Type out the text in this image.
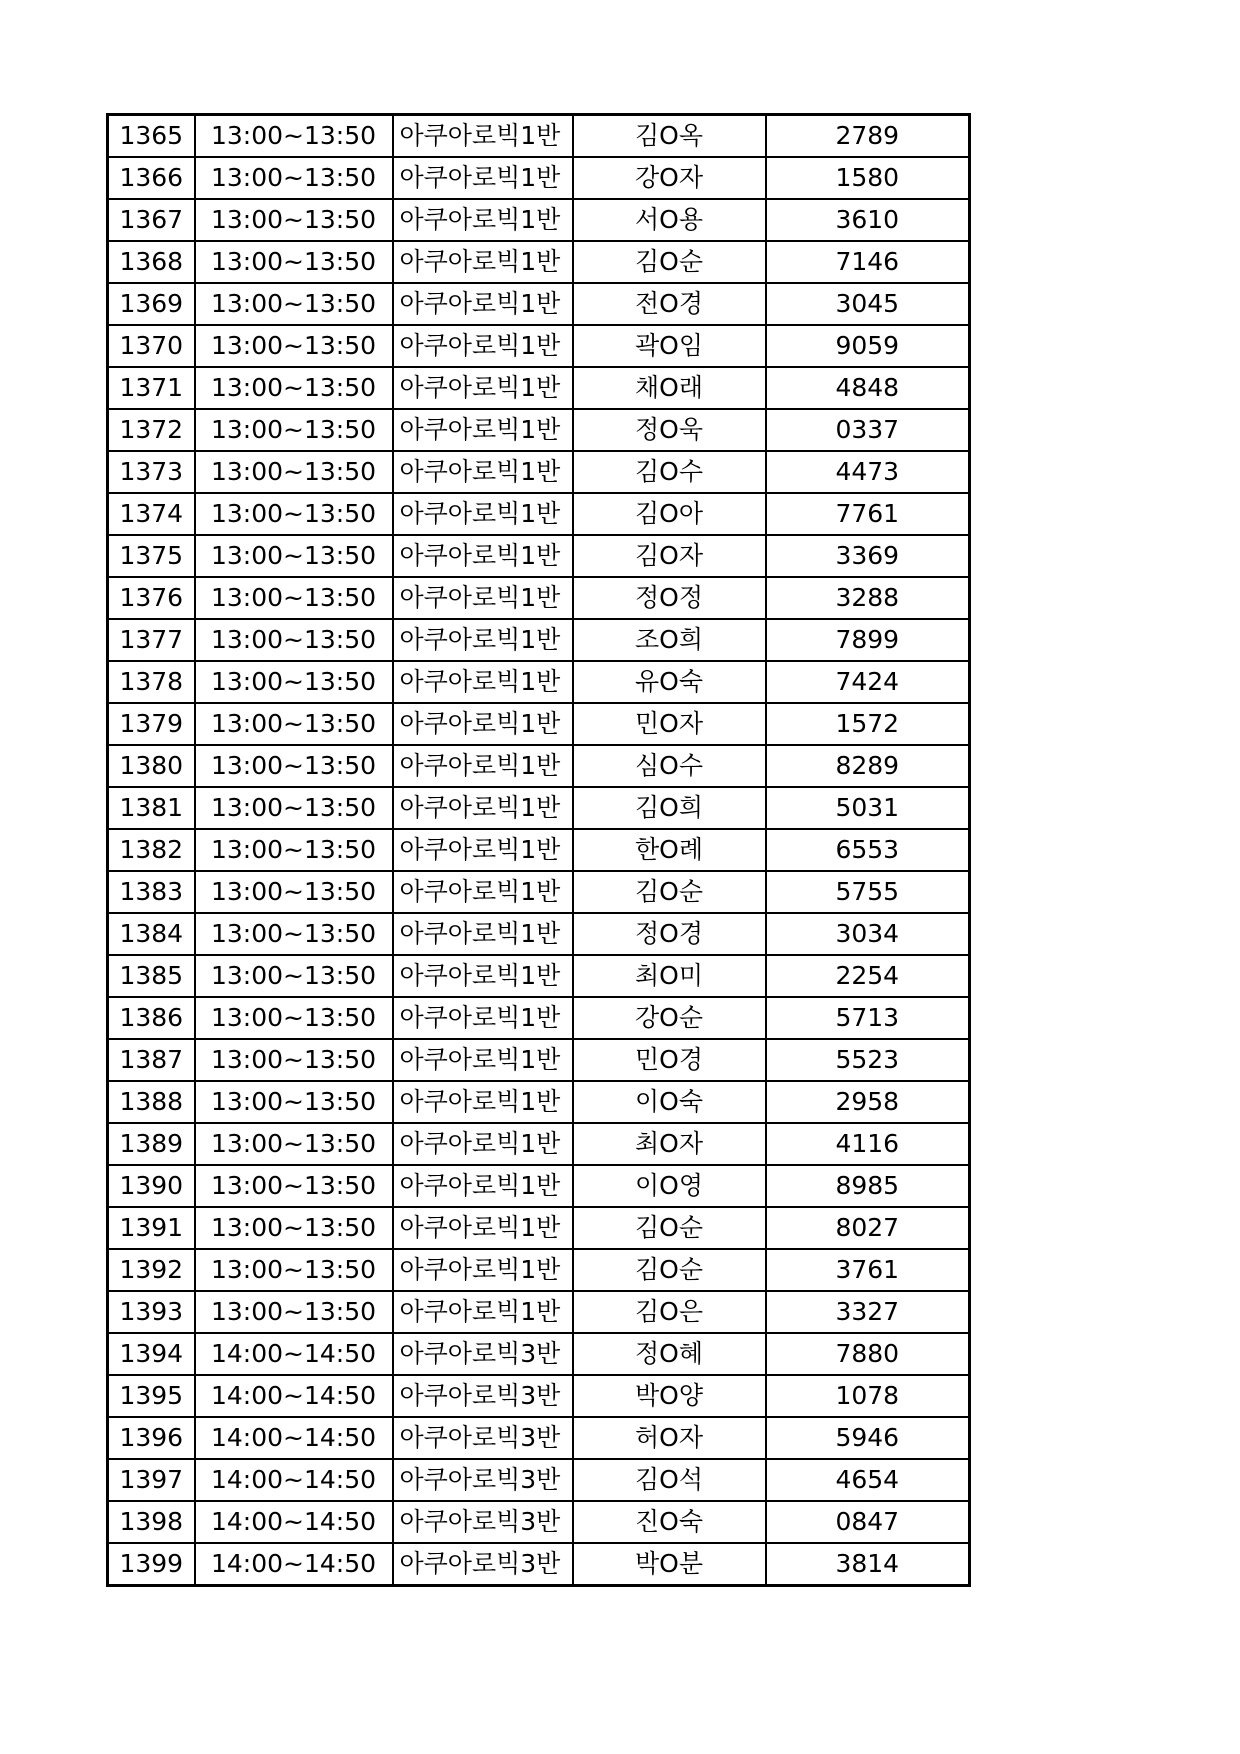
1365	13:00~13:50	아쿠아로빅1반	김O옥	2789
1366	13:00~13:50	아쿠아로빅1반	강O자	1580
1367	13:00~13:50	아쿠아로빅1반	서O용	3610
1368	13:00~13:50	아쿠아로빅1반	김O순	7146
1369	13:00~13:50	아쿠아로빅1반	전O경	3045
1370	13:00~13:50	아쿠아로빅1반	곽O임	9059
1371	13:00~13:50	아쿠아로빅1반	채O래	4848
1372	13:00~13:50	아쿠아로빅1반	정O욱	0337
1373	13:00~13:50	아쿠아로빅1반	김O수	4473
1374	13:00~13:50	아쿠아로빅1반	김O아	7761
1375	13:00~13:50	아쿠아로빅1반	김O자	3369
1376	13:00~13:50	아쿠아로빅1반	정O정	3288
1377	13:00~13:50	아쿠아로빅1반	조O희	7899
1378	13:00~13:50	아쿠아로빅1반	유O숙	7424
1379	13:00~13:50	아쿠아로빅1반	민O자	1572
1380	13:00~13:50	아쿠아로빅1반	심O수	8289
1381	13:00~13:50	아쿠아로빅1반	김O희	5031
1382	13:00~13:50	아쿠아로빅1반	한O례	6553
1383	13:00~13:50	아쿠아로빅1반	김O순	5755
1384	13:00~13:50	아쿠아로빅1반	정O경	3034
1385	13:00~13:50	아쿠아로빅1반	최O미	2254
1386	13:00~13:50	아쿠아로빅1반	강O순	5713
1387	13:00~13:50	아쿠아로빅1반	민O경	5523
1388	13:00~13:50	아쿠아로빅1반	이O숙	2958
1389	13:00~13:50	아쿠아로빅1반	최O자	4116
1390	13:00~13:50	아쿠아로빅1반	이O영	8985
1391	13:00~13:50	아쿠아로빅1반	김O순	8027
1392	13:00~13:50	아쿠아로빅1반	김O순	3761
1393	13:00~13:50	아쿠아로빅1반	김O은	3327
1394	14:00~14:50	아쿠아로빅3반	정O혜	7880
1395	14:00~14:50	아쿠아로빅3반	박O양	1078
1396	14:00~14:50	아쿠아로빅3반	허O자	5946
1397	14:00~14:50	아쿠아로빅3반	김O석	4654
1398	14:00~14:50	아쿠아로빅3반	진O숙	0847
1399	14:00~14:50	아쿠아로빅3반	박O분	3814
